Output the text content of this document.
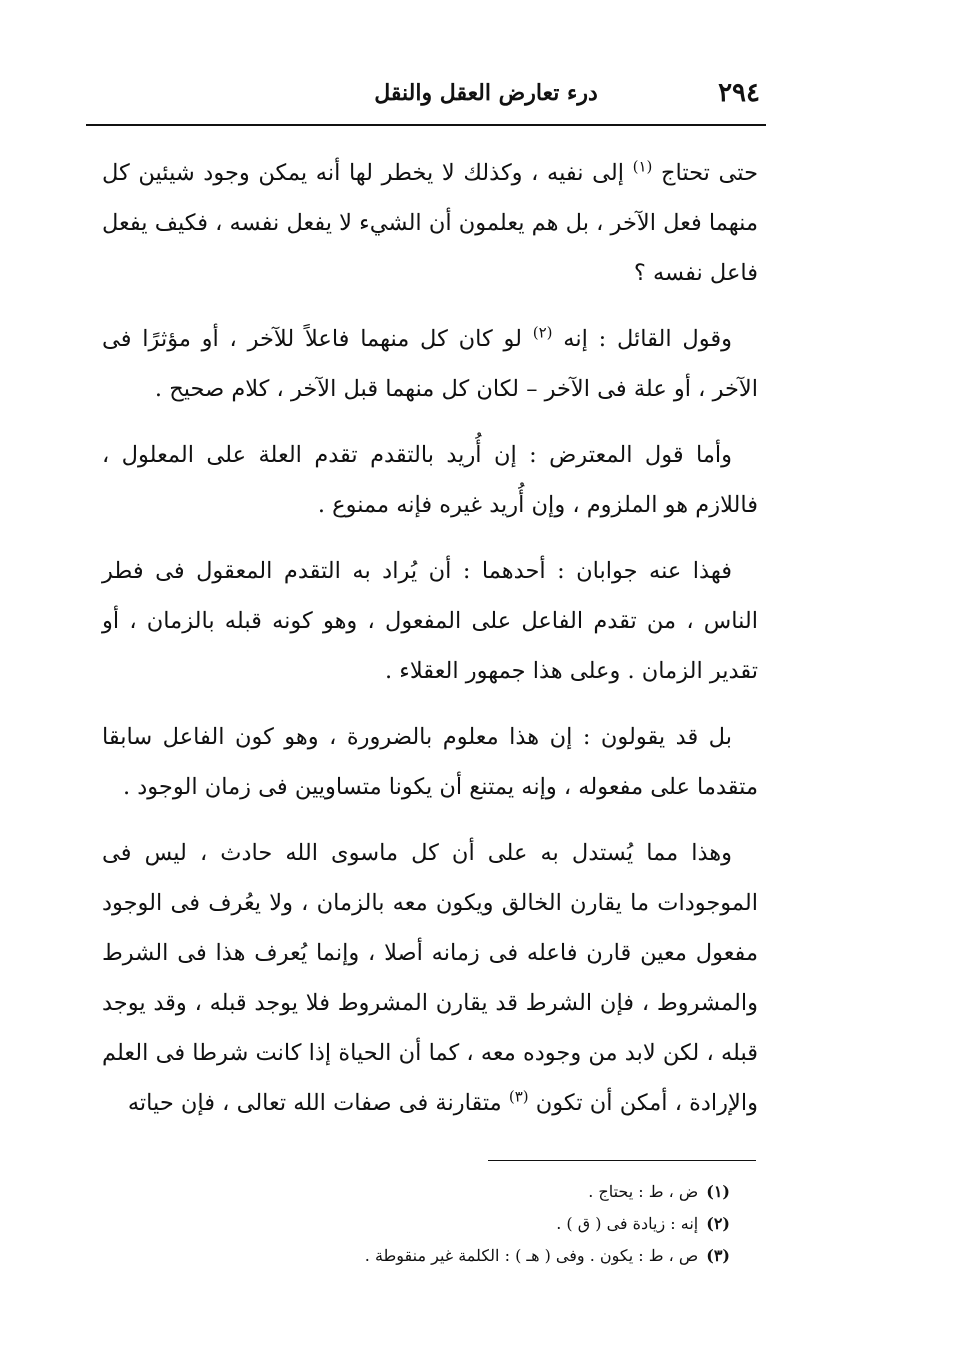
٢٩٤
درء تعارض العقل والنقل

حتى تحتاج $^{(١)}$ إلى نفيه ، وكذلك لا يخطر لها أنه يمكن وجود شيئين كل منهما فعل الآخر ، بل هم يعلمون أن الشيء لا يفعل نفسه ، فكيف يفعل فاعل نفسه ؟

وقول القائل : إنه $^{(٢)}$ لو كان كل منهما فاعلاً للآخر ، أو مؤثرًا فى الآخر ، أو علة فى الآخر – لكان كل منهما قبل الآخر ، كلام صحيح .

وأما قول المعترض : إن أُريد بالتقدم تقدم العلة على المعلول ، فاللازم هو الملزوم ، وإن أُريد غيره فإنه ممنوع .

فهذا عنه جوابان : أحدهما : أن يُراد به التقدم المعقول فى فطر الناس ، من تقدم الفاعل على المفعول ، وهو كونه قبله بالزمان ، أو تقدير الزمان . وعلى هذا جمهور العقلاء .

بل قد يقولون : إن هذا معلوم بالضرورة ، وهو كون الفاعل سابقا متقدما على مفعوله ، وإنه يمتنع أن يكونا متساويين فى زمان الوجود .

وهذا مما يُستدل به على أن كل ماسوى الله حادث ، ليس فى الموجودات ما يقارن الخالق ويكون معه بالزمان ، ولا يعُرف فى الوجود مفعول معين قارن فاعله فى زمانه أصلا ، وإنما يُعرف هذا فى الشرط والمشروط ، فإن الشرط قد يقارن المشروط فلا يوجد قبله ، وقد يوجد قبله ، لكن لابد من وجوده معه ، كما أن الحياة إذا كانت شرطا فى العلم والإرادة ، أمكن أن تكون $^{(٣)}$ متقارنة فى صفات الله تعالى ، فإن حياته

(١)ض ، ط : يحتاج .
(٢)إنه : زيادة فى ( ق ) .
(٣)ص ، ط : يكون . وفى ( هـ ) : الكلمة غير منقوطة .
